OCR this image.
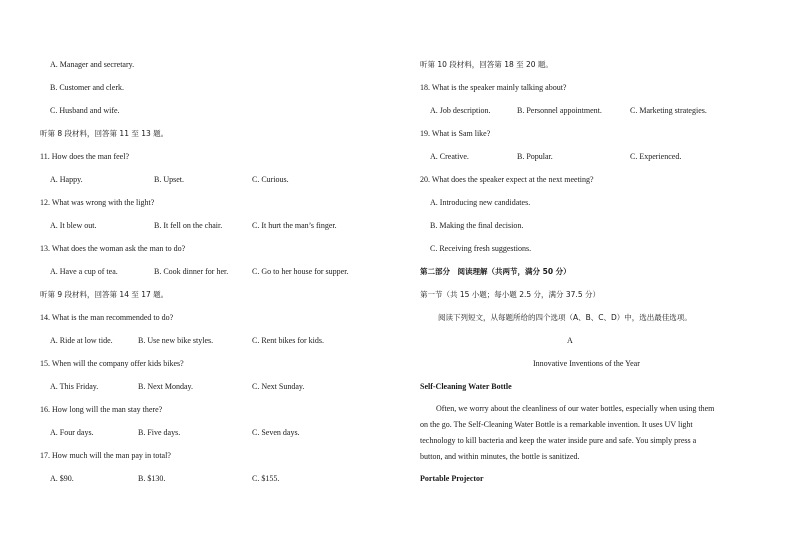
A. Manager and secretary.
B. Customer and clerk.
C. Husband and wife.
听第 8 段材料，回答第 11 至 13 题。
11. How does the man feel?
A. Happy.	B. Upset.	C. Curious.
12. What was wrong with the light?
A. It blew out.	B. It fell on the chair.	C. It hurt the man’s finger.
13. What does the woman ask the man to do?
A. Have a cup of tea.	B. Cook dinner for her.	C. Go to her house for supper.
听第 9 段材料，回答第 14 至 17 题。
14. What is the man recommended to do?
A. Ride at low tide.	B. Use new bike styles.	C. Rent bikes for kids.
15. When will the company offer kids bikes?
A. This Friday.	B. Next Monday.	C. Next Sunday.
16. How long will the man stay there?
A. Four days.	B. Five days.	C. Seven days.
17. How much will the man pay in total?
A. $90.	B. $130.	C. $155.
听第 10 段材料，回答第 18 至 20 题。
18. What is the speaker mainly talking about?
A. Job description.	B. Personnel appointment.	C. Marketing strategies.
19. What is Sam like?
A. Creative.	B. Popular.	C. Experienced.
20. What does the speaker expect at the next meeting?
A. Introducing new candidates.
B. Making the final decision.
C. Receiving fresh suggestions.
第二部分　阅读理解（共两节，满分 50 分）
第一节（共 15 小题；每小题 2.5 分，满分 37.5 分）
阅读下列短文，从每题所给的四个选项（A、B、C、D）中，选出最佳选项。
A
Innovative Inventions of the Year
Self-Cleaning Water Bottle
Often, we worry about the cleanliness of our water bottles, especially when using them
on the go. The Self-Cleaning Water Bottle is a remarkable invention. It uses UV light
technology to kill bacteria and keep the water inside pure and safe. You simply press a
button, and within minutes, the bottle is sanitized.
Portable Projector
